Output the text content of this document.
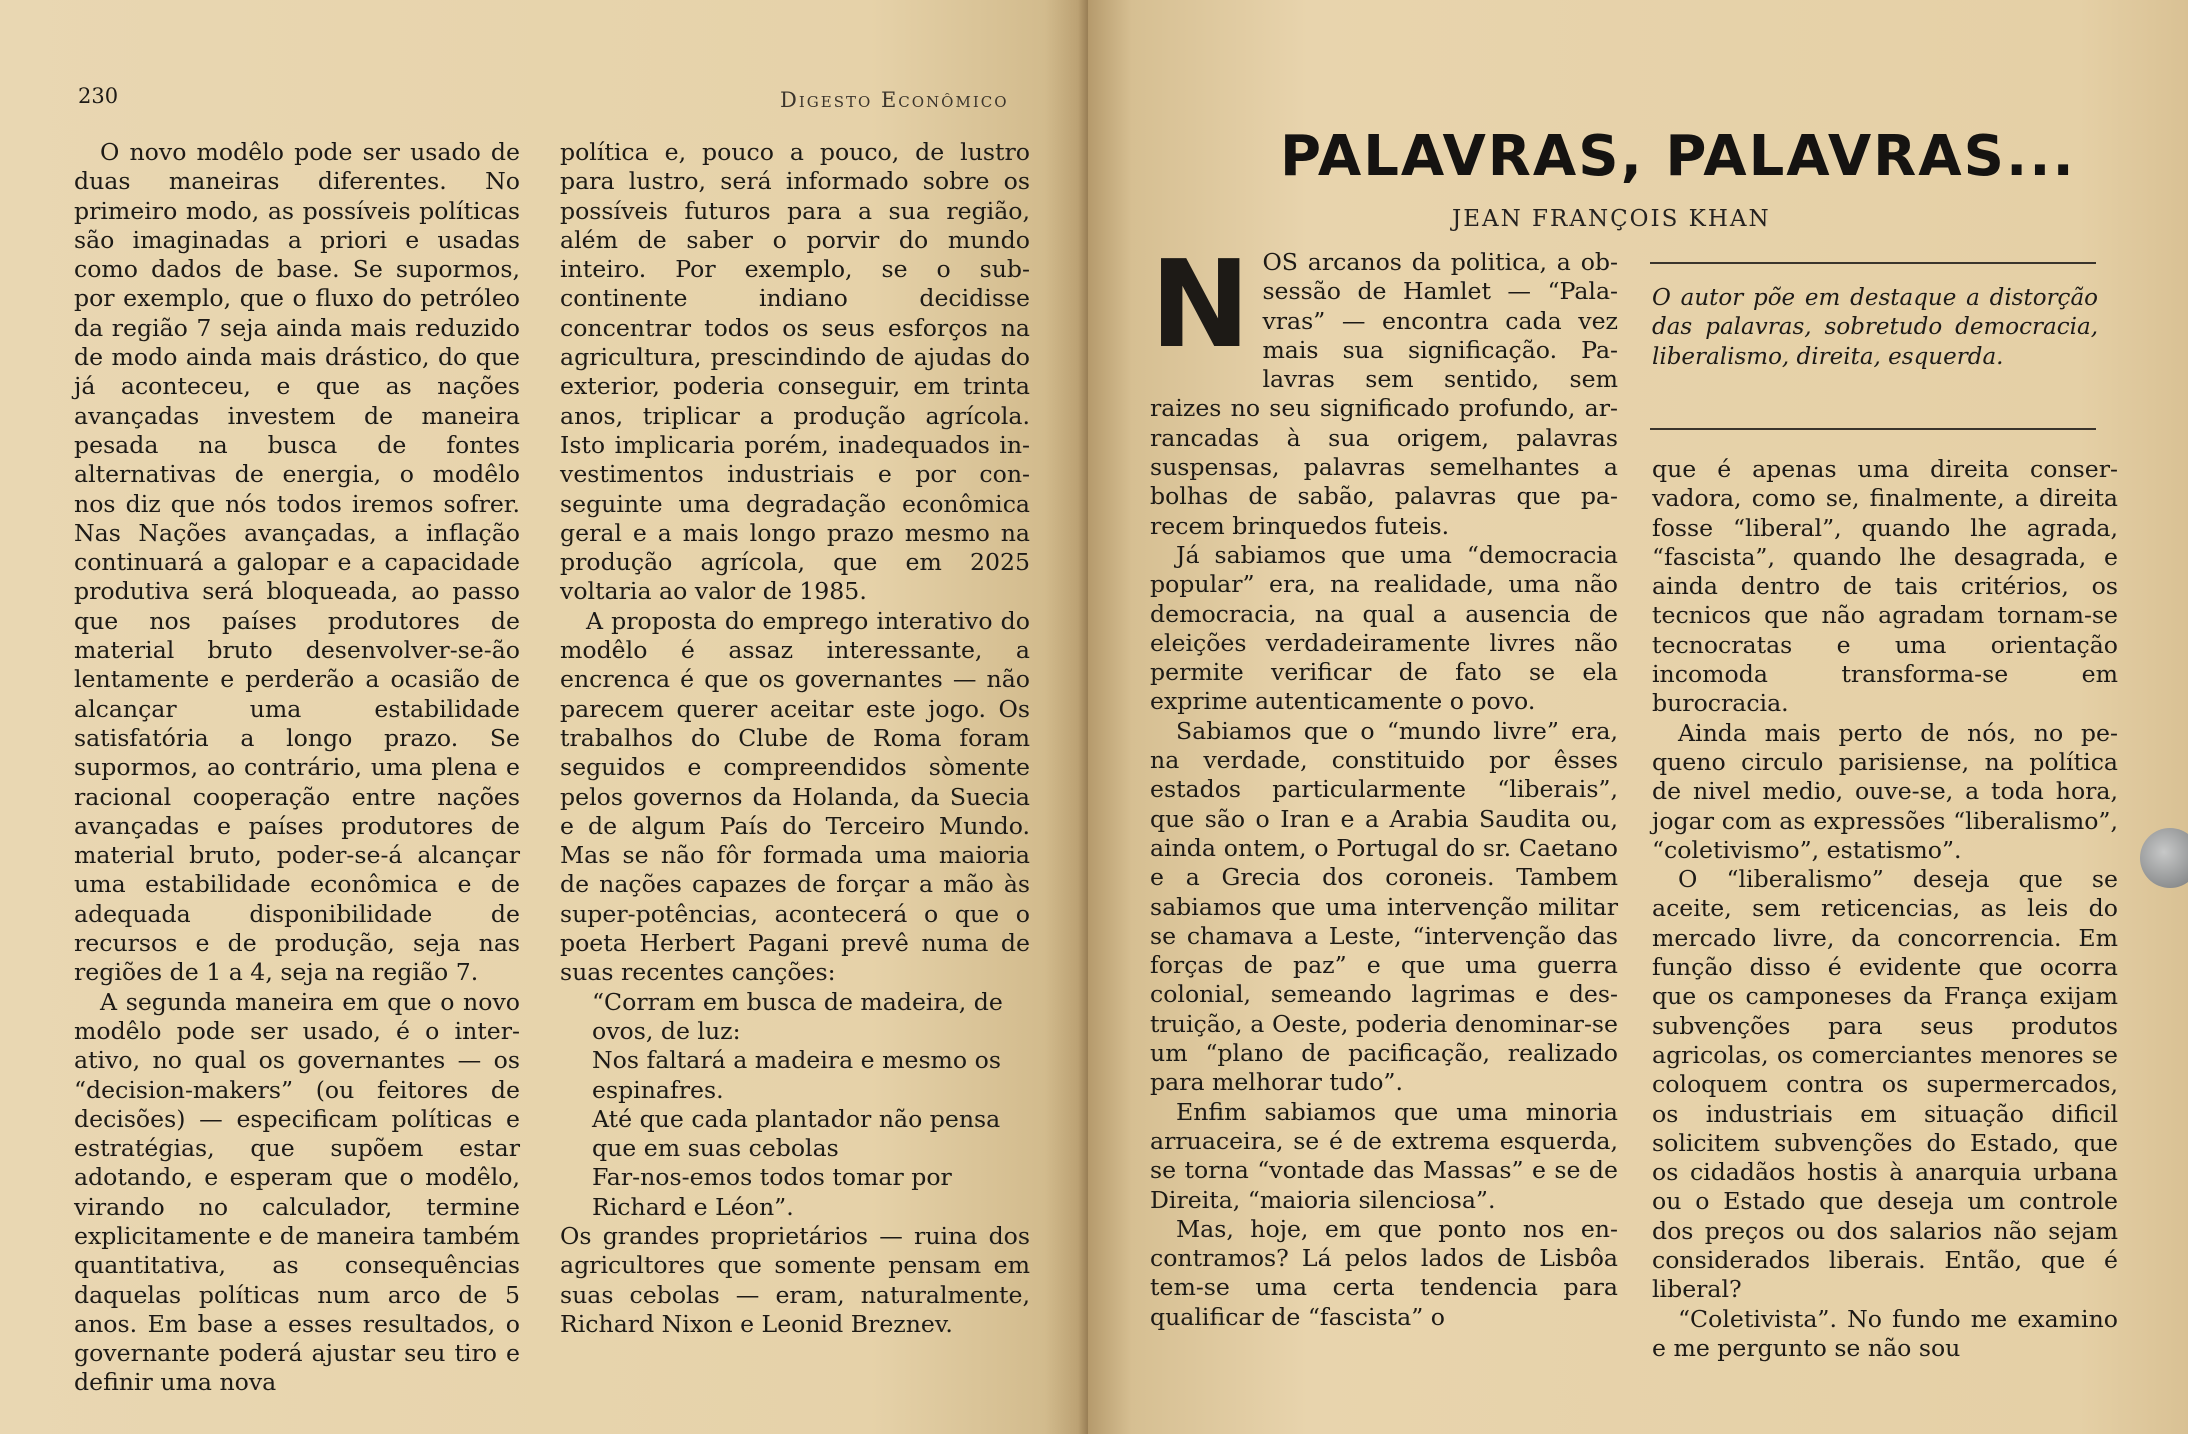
230	Digesto Econômico

O novo modêlo pode ser usado de duas maneiras diferentes. No primeiro modo, as possíveis políticas são imaginadas a priori e usadas como dados de base. Se supormos, por exemplo, que o fluxo do petróleo da região 7 seja ainda mais reduzido de modo ainda mais drástico, do que já aconteceu, e que as nações avançadas investem de maneira pesada na busca de fontes alternativas de energia, o modêlo nos diz que nós todos iremos sofrer. Nas Nações avançadas, a inflação continuará a galopar e a capacidade produtiva será bloqueada, ao passo que nos países produtores de material bruto desenvolver-se-ão lentamente e perderão a ocasião de alcançar uma estabilidade satisfatória a longo prazo. Se supormos, ao contrário, uma plena e racional cooperação entre nações avançadas e países produtores de material bruto, poder-se-á alcançar uma estabilidade econômica e de adequada disponibilidade de recursos e de produção, seja nas regiões de 1 a 4, seja na região 7.

A segunda maneira em que o novo modêlo pode ser usado, é o inter-ativo, no qual os governantes — os “decision-makers” (ou feitores de decisões) — especificam políticas e estratégias, que supõem estar adotando, e esperam que o modêlo, virando no calculador, termine explicitamente e de maneira também quantitativa, as consequências daquelas políticas num arco de 5 anos. Em base a esses resultados, o governante poderá ajustar seu tiro e definir uma nova

política e, pouco a pouco, de lustro para lustro, será informado sobre os possíveis futuros para a sua região, além de saber o porvir do mundo inteiro. Por exemplo, se o sub-continente indiano decidisse concentrar todos os seus esforços na agricultura, prescindindo de ajudas do exterior, poderia conseguir, em trinta anos, triplicar a produção agrícola. Isto implicaria porém, inadequados investimentos industriais e por conseguinte uma degradação econômica geral e a mais longo prazo mesmo na produção agrícola, que em 2025 voltaria ao valor de 1985.

A proposta do emprego interativo do modêlo é assaz interessante, a encrenca é que os governantes — não parecem querer aceitar este jogo. Os trabalhos do Clube de Roma foram seguidos e compreendidos sòmente pelos governos da Holanda, da Suecia e de algum País do Terceiro Mundo. Mas se não fôr formada uma maioria de nações capazes de forçar a mão às super-potências, acontecerá o que o poeta Herbert Pagani prevê numa de suas recentes canções:

“Corram em busca de madeira, de ovos, de luz:

Nos faltará a madeira e mesmo os espinafres.

Até que cada plantador não pensa que em suas cebolas

Far-nos-emos todos tomar por Richard e Léon”.

Os grandes proprietários — ruina dos agricultores que somente pensam em suas cebolas — eram, naturalmente, Richard Nixon e Leonid Breznev.

PALAVRAS, PALAVRAS...
JEAN FRANÇOIS KHAN
N OS arcanos da politica, a obsessão de Hamlet — “Palavras” — encontra cada vez mais sua significação. Palavras sem sentido, sem raizes no seu significado profundo, arrancadas à sua origem, palavras suspensas, palavras semelhantes a bolhas de sabão, palavras que parecem brinquedos futeis.

Já sabiamos que uma “democracia popular” era, na realidade, uma não democracia, na qual a ausencia de eleições verdadeiramente livres não permite verificar de fato se ela exprime autenticamente o povo.

Sabiamos que o “mundo livre” era, na verdade, constituido por êsses estados particularmente “liberais”, que são o Iran e a Arabia Saudita ou, ainda ontem, o Portugal do sr. Caetano e a Grecia dos coroneis. Tambem sabiamos que uma intervenção militar se chamava a Leste, “intervenção das forças de paz” e que uma guerra colonial, semeando lagrimas e destruição, a Oeste, poderia denominar-se um “plano de pacificação, realizado para melhorar tudo”.

Enfim sabiamos que uma minoria arruaceira, se é de extrema esquerda, se torna “vontade das Massas” e se de Direita, “maioria silenciosa”.

Mas, hoje, em que ponto nos encontramos? Lá pelos lados de Lisbôa tem-se uma certa tendencia para qualificar de “fascista” o

O autor põe em destaque a distorção das palavras, sobretudo democracia, liberalismo, direita, esquerda.

que é apenas uma direita conservadora, como se, finalmente, a direita fosse “liberal”, quando lhe agrada, “fascista”, quando lhe desagrada, e ainda dentro de tais critérios, os tecnicos que não agradam tornam-se tecnocratas e uma orientação incomoda transforma-se em burocracia.

Ainda mais perto de nós, no pequeno circulo parisiense, na política de nivel medio, ouve-se, a toda hora, jogar com as expressões “liberalismo”, “coletivismo”, estatismo”.

O “liberalismo” deseja que se aceite, sem reticencias, as leis do mercado livre, da concorrencia. Em função disso é evidente que ocorra que os camponeses da França exijam subvenções para seus produtos agricolas, os comerciantes menores se coloquem contra os supermercados, os industriais em situação dificil solicitem subvenções do Estado, que os cidadãos hostis à anarquia urbana ou o Estado que deseja um controle dos preços ou dos salarios não sejam considerados liberais. Então, que é liberal?

“Coletivista”. No fundo me examino e me pergunto se não sou
